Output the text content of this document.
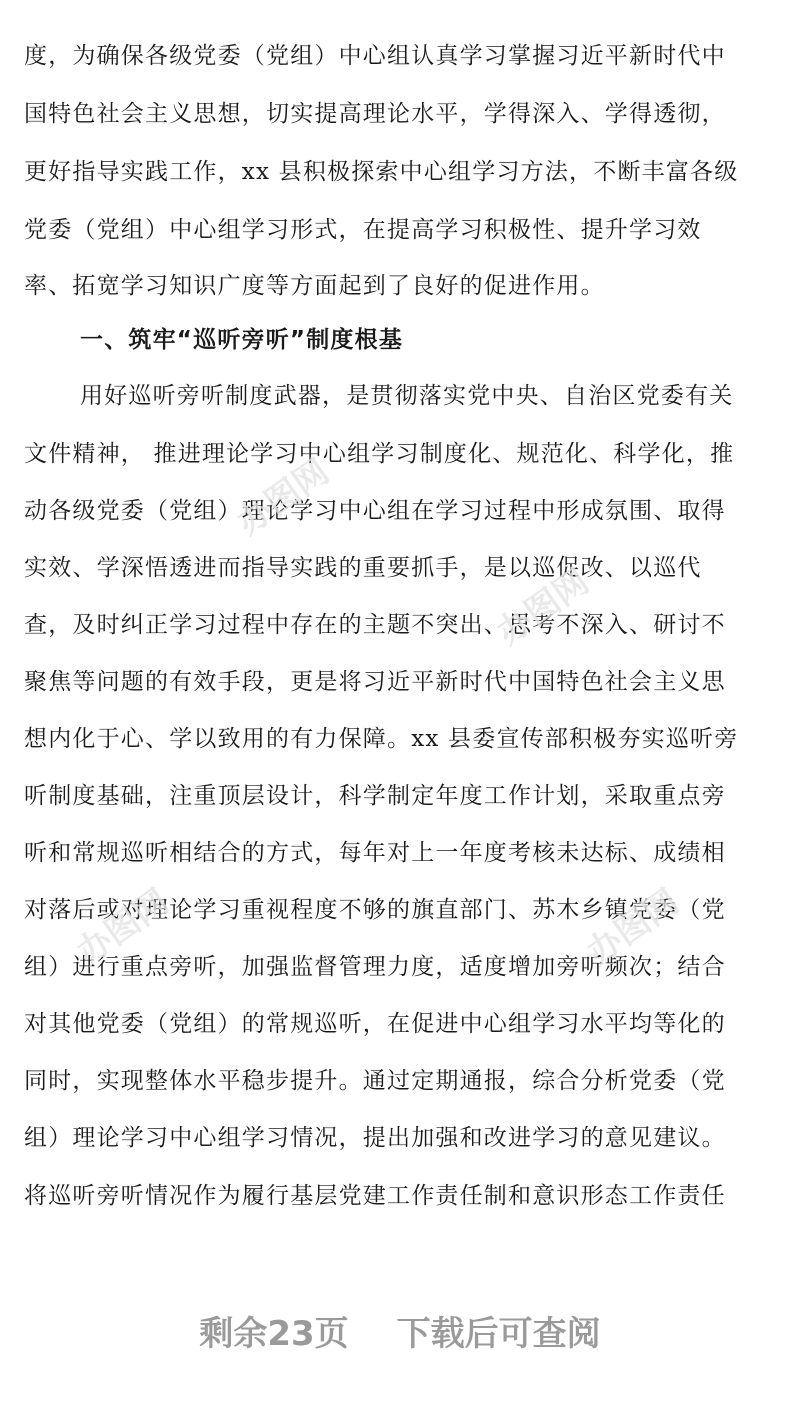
度，为确保各级党委（党组）中心组认真学习掌握习近平新时代中
国特色社会主义思想，切实提高理论水平，学得深入、学得透彻，
更好指导实践工作，xx 县积极探索中心组学习方法，不断丰富各级
党委（党组）中心组学习形式，在提高学习积极性、提升学习效
率、拓宽学习知识广度等方面起到了良好的促进作用。
一、筑牢“巡听旁听”制度根基
用好巡听旁听制度武器，是贯彻落实党中央、自治区党委有关
文件精神， 推进理论学习中心组学习制度化、规范化、科学化，推
动各级党委（党组）理论学习中心组在学习过程中形成氛围、取得
实效、学深悟透进而指导实践的重要抓手，是以巡促改、以巡代
查，及时纠正学习过程中存在的主题不突出、思考不深入、研讨不
聚焦等问题的有效手段，更是将习近平新时代中国特色社会主义思
想内化于心、学以致用的有力保障。xx 县委宣传部积极夯实巡听旁
听制度基础，注重顶层设计，科学制定年度工作计划，采取重点旁
听和常规巡听相结合的方式，每年对上一年度考核未达标、成绩相
对落后或对理论学习重视程度不够的旗直部门、苏木乡镇党委（党
组）进行重点旁听，加强监督管理力度，适度增加旁听频次；结合
对其他党委（党组）的常规巡听，在促进中心组学习水平均等化的
同时，实现整体水平稳步提升。通过定期通报，综合分析党委（党
组）理论学习中心组学习情况，提出加强和改进学习的意见建议。
将巡听旁听情况作为履行基层党建工作责任制和意识形态工作责任
办图网
办图网
办图网	办图网
剩余23页 下载后可查阅
